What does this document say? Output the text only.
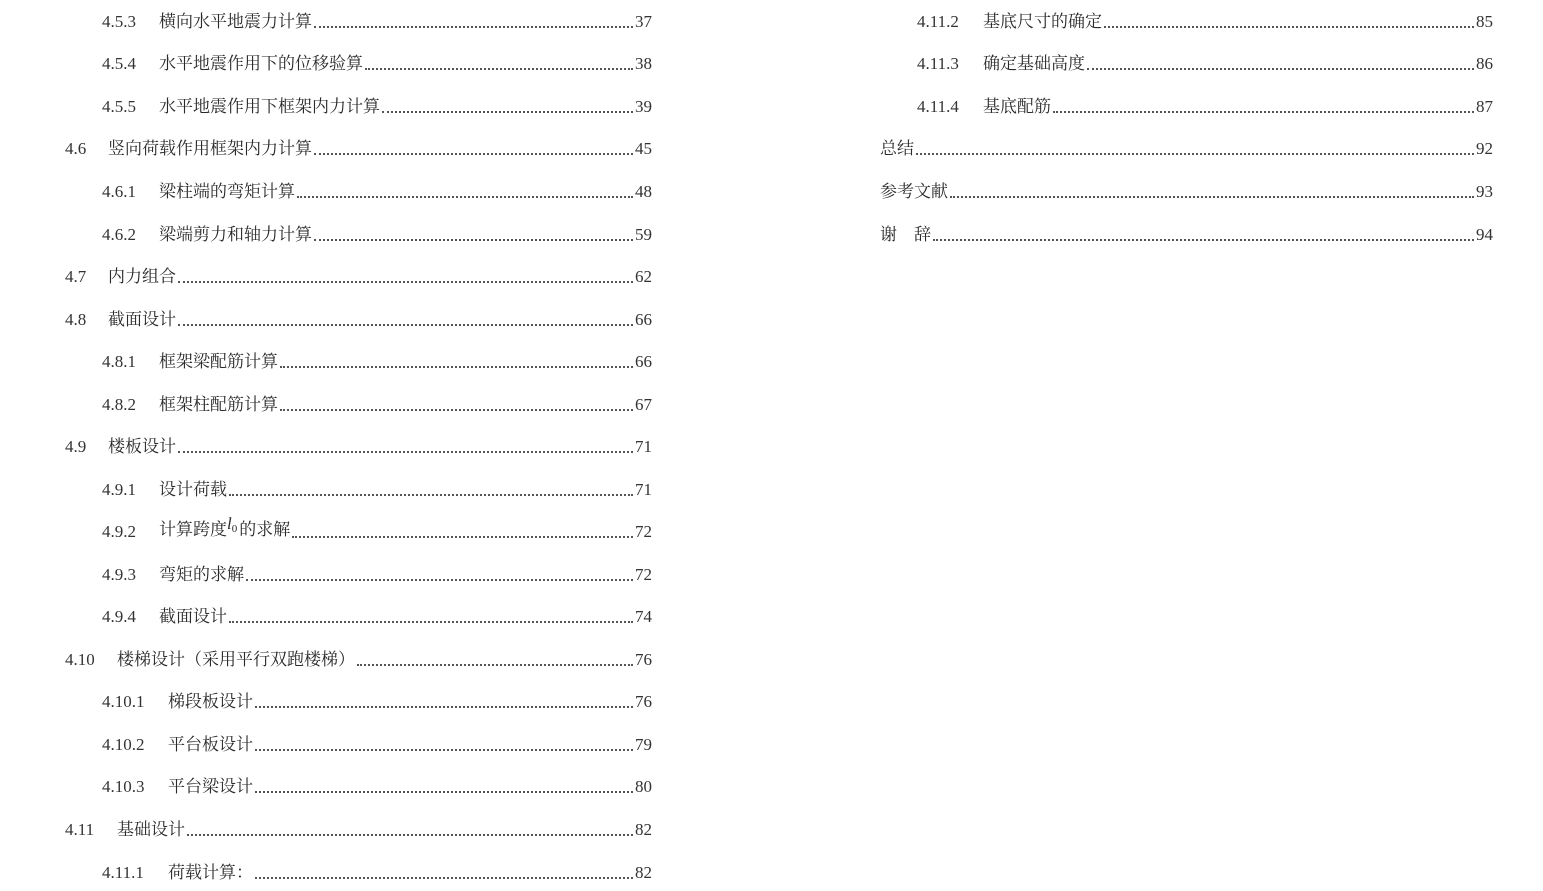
4.5.3	横向水平地震力计算	37
4.5.4	水平地震作用下的位移验算	38
4.5.5	水平地震作用下框架内力计算	39
4.6	竖向荷载作用框架内力计算	45
4.6.1	梁柱端的弯矩计算	48
4.6.2	梁端剪力和轴力计算	59
4.7	内力组合	62
4.8	截面设计	66
4.8.1	框架梁配筋计算	66
4.8.2	框架柱配筋计算	67
4.9	楼板设计	71
4.9.1	设计荷载	71
4.9.2	计算跨度l0 的求解	72
4.9.3	弯矩的求解	72
4.9.4	截面设计	74
4.10	楼梯设计（采用平行双跑楼梯）	76
4.10.1	梯段板设计	76
4.10.2	平台板设计	79
4.10.3	平台梁设计	80
4.11	基础设计	82
4.11.1	荷载计算：	82
4.11.2	基底尺寸的确定	85
4.11.3	确定基础高度	86
4.11.4	基底配筋	87
总结	92
参考文献	93
谢　辞	94
